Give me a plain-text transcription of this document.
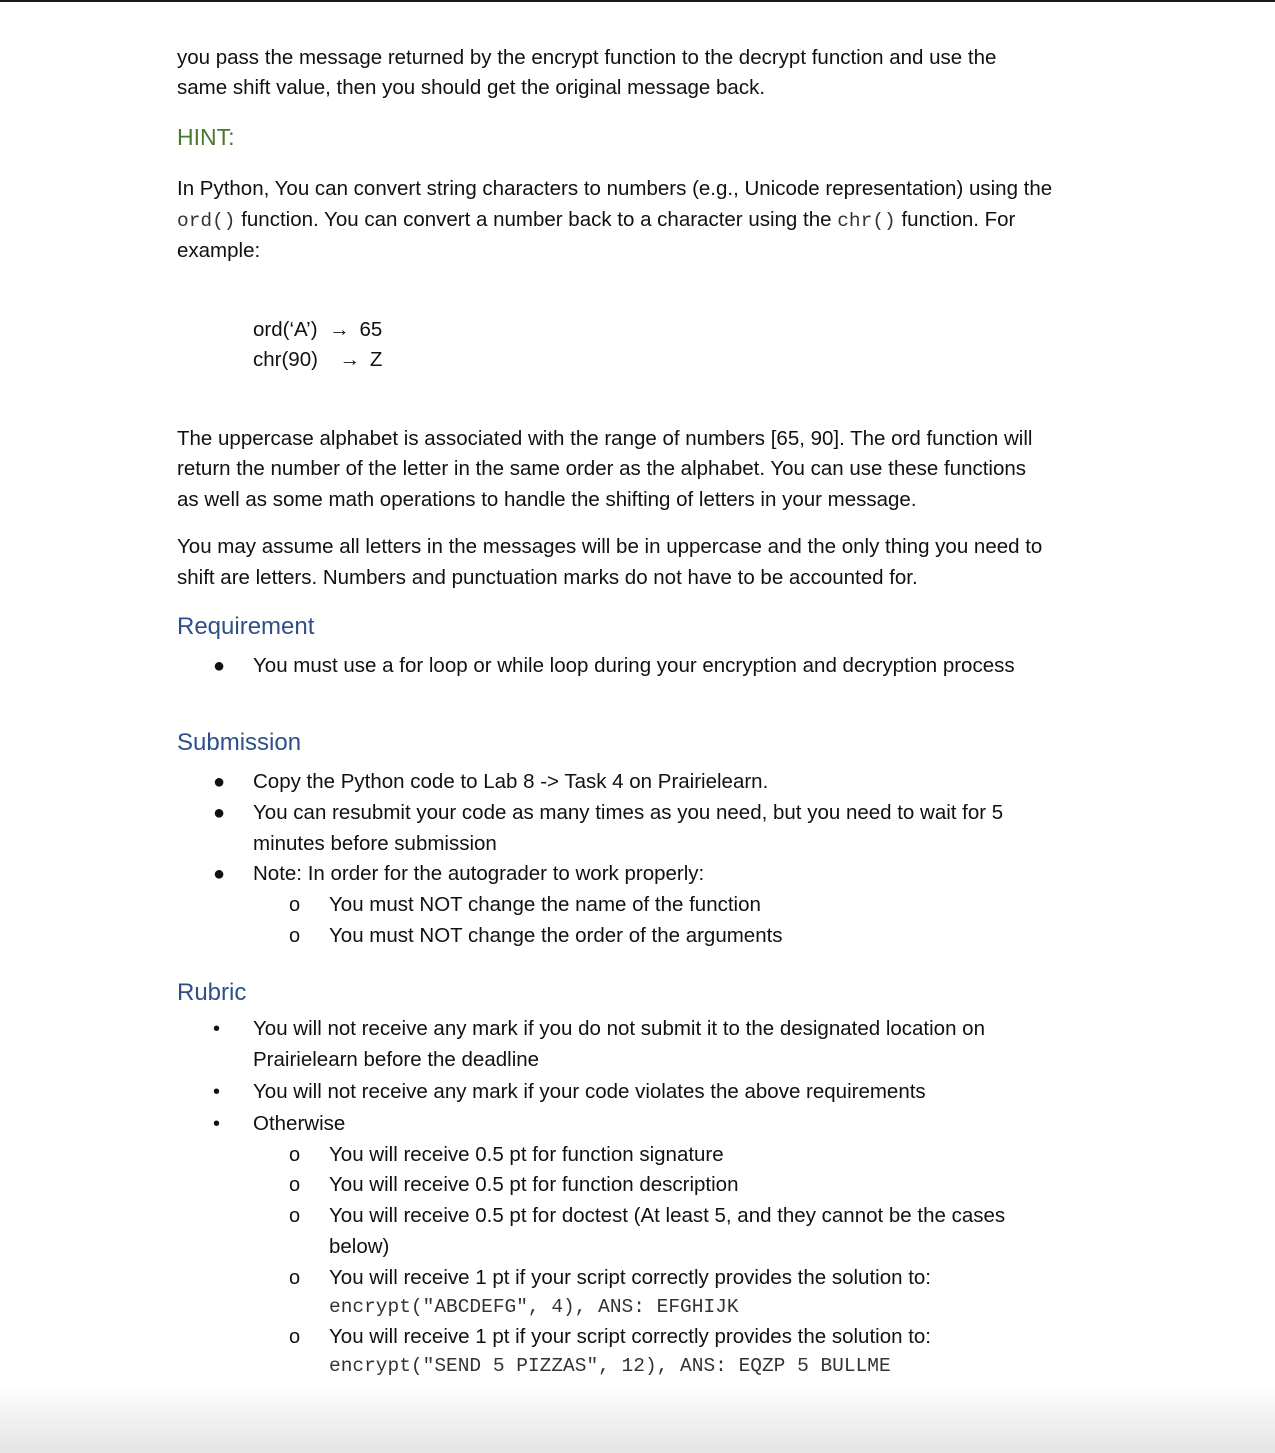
you pass the message returned by the encrypt function to the decrypt function and use the
same shift value, then you should get the original message back.
HINT:
In Python, You can convert string characters to numbers (e.g., Unicode representation) using the
ord() function. You can convert a number back to a character using the chr() function. For
example:
ord(‘A’) → 65
chr(90) → Z
The uppercase alphabet is associated with the range of numbers [65, 90]. The ord function will
return the number of the letter in the same order as the alphabet. You can use these functions
as well as some math operations to handle the shifting of letters in your message.
You may assume all letters in the messages will be in uppercase and the only thing you need to
shift are letters. Numbers and punctuation marks do not have to be accounted for.
Requirement
● You must use a for loop or while loop during your encryption and decryption process
Submission
● Copy the Python code to Lab 8 -> Task 4 on Prairielearn.
● You can resubmit your code as many times as you need, but you need to wait for 5
minutes before submission
● Note: In order for the autograder to work properly:
o You must NOT change the name of the function
o You must NOT change the order of the arguments
Rubric
• You will not receive any mark if you do not submit it to the designated location on
Prairielearn before the deadline
• You will not receive any mark if your code violates the above requirements
• Otherwise
o You will receive 0.5 pt for function signature
o You will receive 0.5 pt for function description
o You will receive 0.5 pt for doctest (At least 5, and they cannot be the cases
below)
o You will receive 1 pt if your script correctly provides the solution to:
encrypt("ABCDEFG", 4), ANS: EFGHIJK
o You will receive 1 pt if your script correctly provides the solution to:
encrypt("SEND 5 PIZZAS", 12), ANS: EQZP 5 BULLME
